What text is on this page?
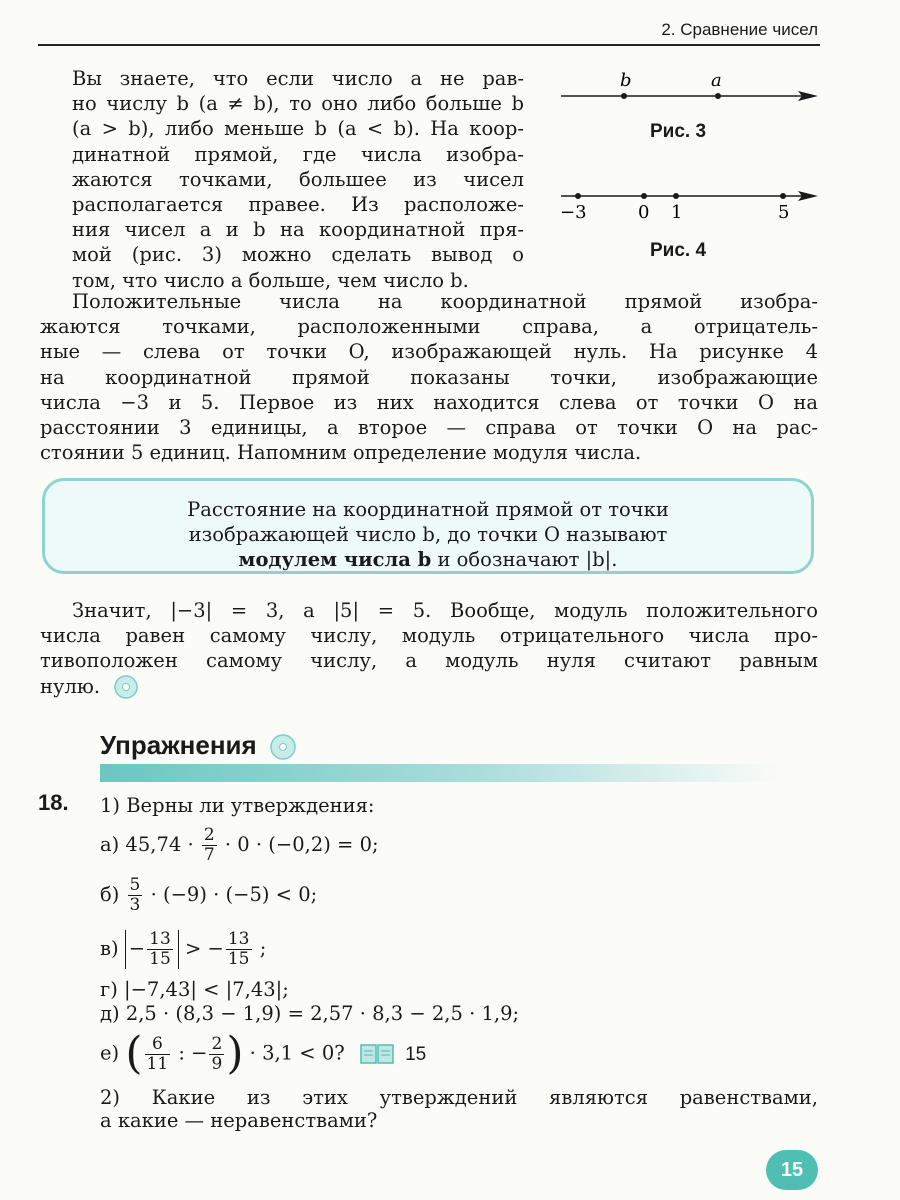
2. Сравнение чисел
Вы знаете, что если число a не рав-
но числу b (a ≠ b), то оно либо больше b
(a > b), либо меньше b (a < b). На коор-
динатной прямой, где числа изобра-
жаются точками, большее из чисел
располагается правее. Из расположе-
ния чисел a и b на координатной пря-
мой (рис. 3) можно сделать вывод о
том, что число a больше, чем число b.
b	a
Рис. 3
−3	0 1	5
Рис. 4
Положительные числа на координатной прямой изобра-
жаются точками, расположенными справа, а отрицатель-
ные — слева от точки O, изображающей нуль. На рисунке 4
на координатной прямой показаны точки, изображающие
числа −3 и 5. Первое из них находится слева от точки O на
расстоянии 3 единицы, а второе — справа от точки O на рас-
стоянии 5 единиц. Напомним определение модуля числа.
Расстояние на координатной прямой от точки
изображающей число b, до точки O называют
модулем числа b и обозначают |b|.
Значит, |−3| = 3, а |5| = 5. Вообще, модуль положительного
числа равен самому числу, модуль отрицательного числа про-
тивоположен самому числу, а модуль нуля считают равным
нулю.
Упражнения
18. 1) Верны ли утверждения:
а) $45,74 \cdot \frac{2}{7} \cdot 0 \cdot (-0,2) = 0$;
$б) \frac{5}{3} \cdot (-9) \cdot (-5) < 0$;
$в) - \frac{13}{15}$ > − $\frac{13}{15}$ ;
г) |−7,43| < |7,43|;
д) 2,5 · (8,3 − 1,9) = 2,57 · 8,3 − 2,5 · 1,9;
е) ( $\frac{6}{11}$ : − $\frac{2}{9}$ ) · 3,1 < 0?	15
2) Какие из этих утверждений являются равенствами,
а какие — неравенствами?
15
